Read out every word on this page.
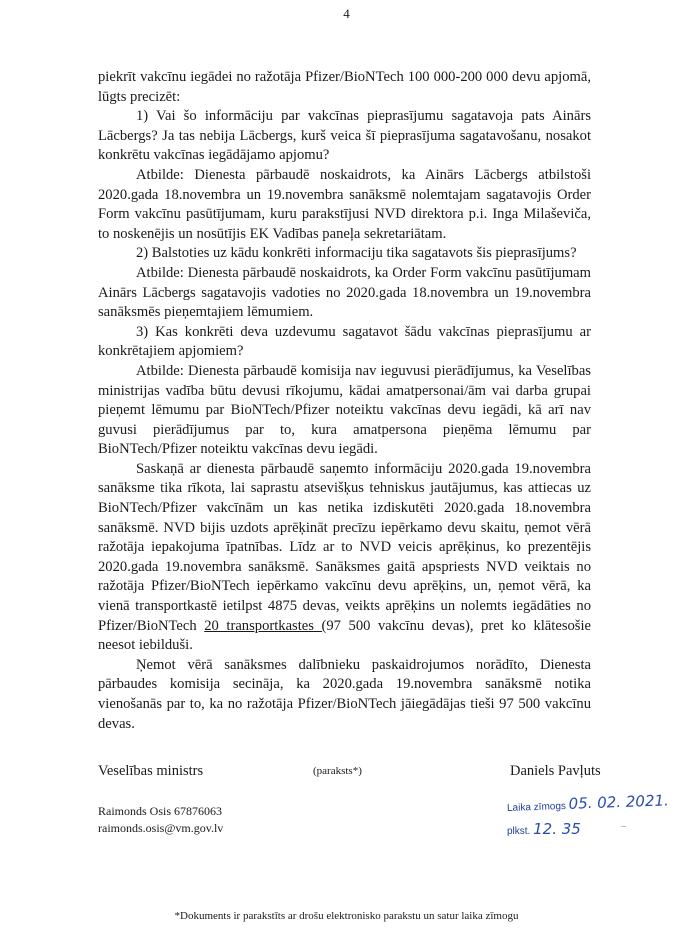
4

piekrīt vakcīnu iegādei no ražotāja Pfizer/BioNTech 100 000-200 000 devu apjomā, lūgts precizēt:

1) Vai šo informāciju par vakcīnas pieprasījumu sagatavoja pats Ainārs Lācbergs? Ja tas nebija Lācbergs, kurš veica šī pieprasījuma sagatavošanu, nosakot konkrētu vakcīnas iegādājamo apjomu?

Atbilde: Dienesta pārbaudē noskaidrots, ka Ainārs Lācbergs atbilstoši 2020.gada 18.novembra un 19.novembra sanāksmē nolemtajam sagatavojis Order Form vakcīnu pasūtījumam, kuru parakstījusi NVD direktora p.i. Inga Milaševiča, to noskenējis un nosūtījis EK Vadības paneļa sekretariātam.

2) Balstoties uz kādu konkrēti informaciju tika sagatavots šis pieprasījums?

Atbilde: Dienesta pārbaudē noskaidrots, ka Order Form vakcīnu pasūtījumam Ainārs Lācbergs sagatavojis vadoties no 2020.gada 18.novembra un 19.novembra sanāksmēs pieņemtajiem lēmumiem.

3) Kas konkrēti deva uzdevumu sagatavot šādu vakcīnas pieprasījumu ar konkrētajiem apjomiem?

Atbilde: Dienesta pārbaudē komisija nav ieguvusi pierādījumus, ka Veselības ministrijas vadība būtu devusi rīkojumu, kādai amatpersonai/ām vai darba grupai pieņemt lēmumu par BioNTech/Pfizer noteiktu vakcīnas devu iegādi, kā arī nav guvusi pierādījumus par to, kura amatpersona pieņēma lēmumu par BioNTech/Pfizer noteiktu vakcīnas devu iegādi.

Saskaņā ar dienesta pārbaudē saņemto informāciju 2020.gada 19.novembra sanāksme tika rīkota, lai saprastu atsevišķus tehniskus jautājumus, kas attiecas uz BioNTech/Pfizer vakcīnām un kas netika izdiskutēti 2020.gada 18.novembra sanāksmē. NVD bijis uzdots aprēķināt precīzu iepērkamo devu skaitu, ņemot vērā ražotāja iepakojuma īpatnības. Līdz ar to NVD veicis aprēķinus, ko prezentējis 2020.gada 19.novembra sanāksmē. Sanāksmes gaitā apspriests NVD veiktais no ražotāja Pfizer/BioNTech iepērkamo vakcīnu devu aprēķins, un, ņemot vērā, ka vienā transportkastē ietilpst 4875 devas, veikts aprēķins un nolemts iegādāties no Pfizer/BioNTech 20 transportkastes (97 500 vakcīnu devas), pret ko klātesošie neesot iebilduši.

Ņemot vērā sanāksmes dalībnieku paskaidrojumos norādīto, Dienesta pārbaudes komisija secināja, ka 2020.gada 19.novembra sanāksmē notika vienošanās par to, ka no ražotāja Pfizer/BioNTech jāiegādājas tieši 97 500 vakcīnu devas.

Veselības ministrs	(paraksts*)	Daniels Pavļuts
Raimonds Osis 67876063
raimonds.osis@vm.gov.lv
Laika zīmogs 05. 02. 2021.
plkst. 12. 35	–
*Dokuments ir parakstīts ar drošu elektronisko parakstu un satur laika zīmogu
